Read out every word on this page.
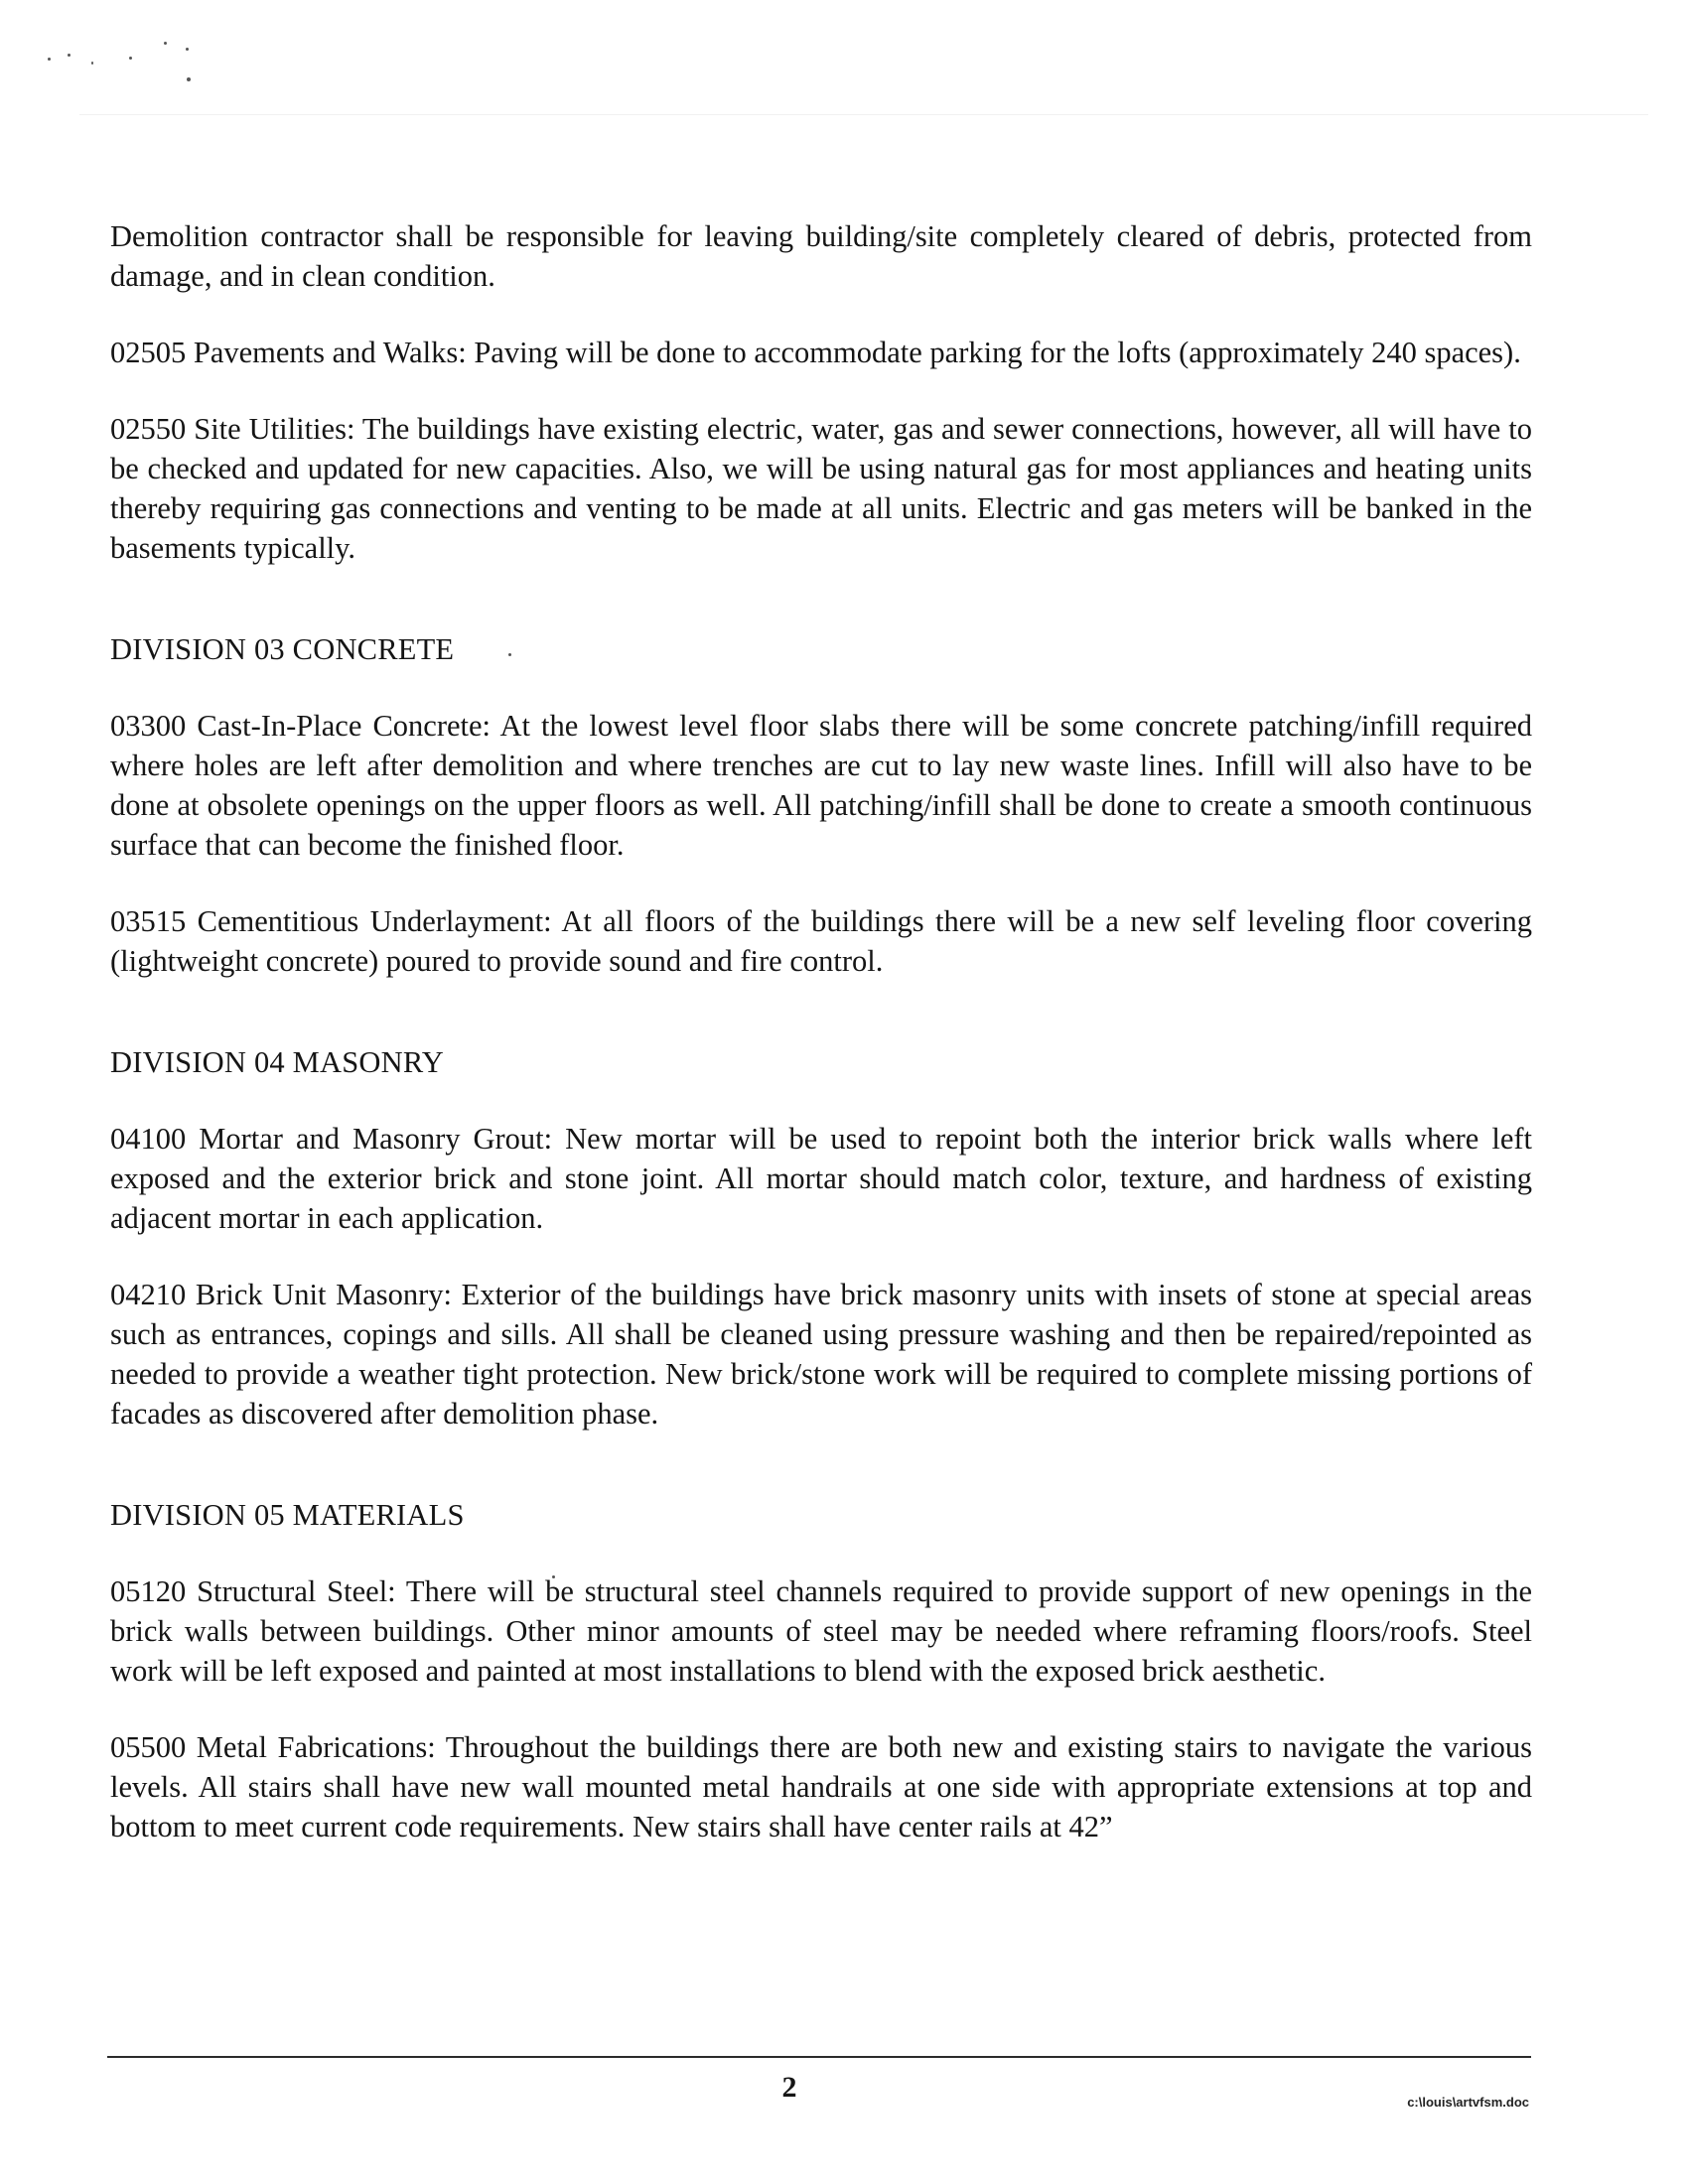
Demolition contractor shall be responsible for leaving building/site completely cleared of debris, protected from damage, and in clean condition.

02505 Pavements and Walks: Paving will be done to accommodate parking for the lofts (approximately 240 spaces).

02550 Site Utilities: The buildings have existing electric, water, gas and sewer connections, however, all will have to be checked and updated for new capacities. Also, we will be using natural gas for most appliances and heating units thereby requiring gas connections and venting to be made at all units. Electric and gas meters will be banked in the basements typically.

DIVISION 03 CONCRETE

03300 Cast-In-Place Concrete: At the lowest level floor slabs there will be some concrete patching/infill required where holes are left after demolition and where trenches are cut to lay new waste lines. Infill will also have to be done at obsolete openings on the upper floors as well. All patching/infill shall be done to create a smooth continuous surface that can become the finished floor.

03515 Cementitious Underlayment: At all floors of the buildings there will be a new self leveling floor covering (lightweight concrete) poured to provide sound and fire control.

DIVISION 04 MASONRY

04100 Mortar and Masonry Grout: New mortar will be used to repoint both the interior brick walls where left exposed and the exterior brick and stone joint. All mortar should match color, texture, and hardness of existing adjacent mortar in each application.

04210 Brick Unit Masonry: Exterior of the buildings have brick masonry units with insets of stone at special areas such as entrances, copings and sills. All shall be cleaned using pressure washing and then be repaired/repointed as needed to provide a weather tight protection. New brick/stone work will be required to complete missing portions of facades as discovered after demolition phase.

DIVISION 05 MATERIALS

05120 Structural Steel: There will be structural steel channels required to provide support of new openings in the brick walls between buildings. Other minor amounts of steel may be needed where reframing floors/roofs. Steel work will be left exposed and painted at most installations to blend with the exposed brick aesthetic.

05500 Metal Fabrications: Throughout the buildings there are both new and existing stairs to navigate the various levels. All stairs shall have new wall mounted metal handrails at one side with appropriate extensions at top and bottom to meet current code requirements. New stairs shall have center rails at 42”

2	c:\louis\artvfsm.doc
